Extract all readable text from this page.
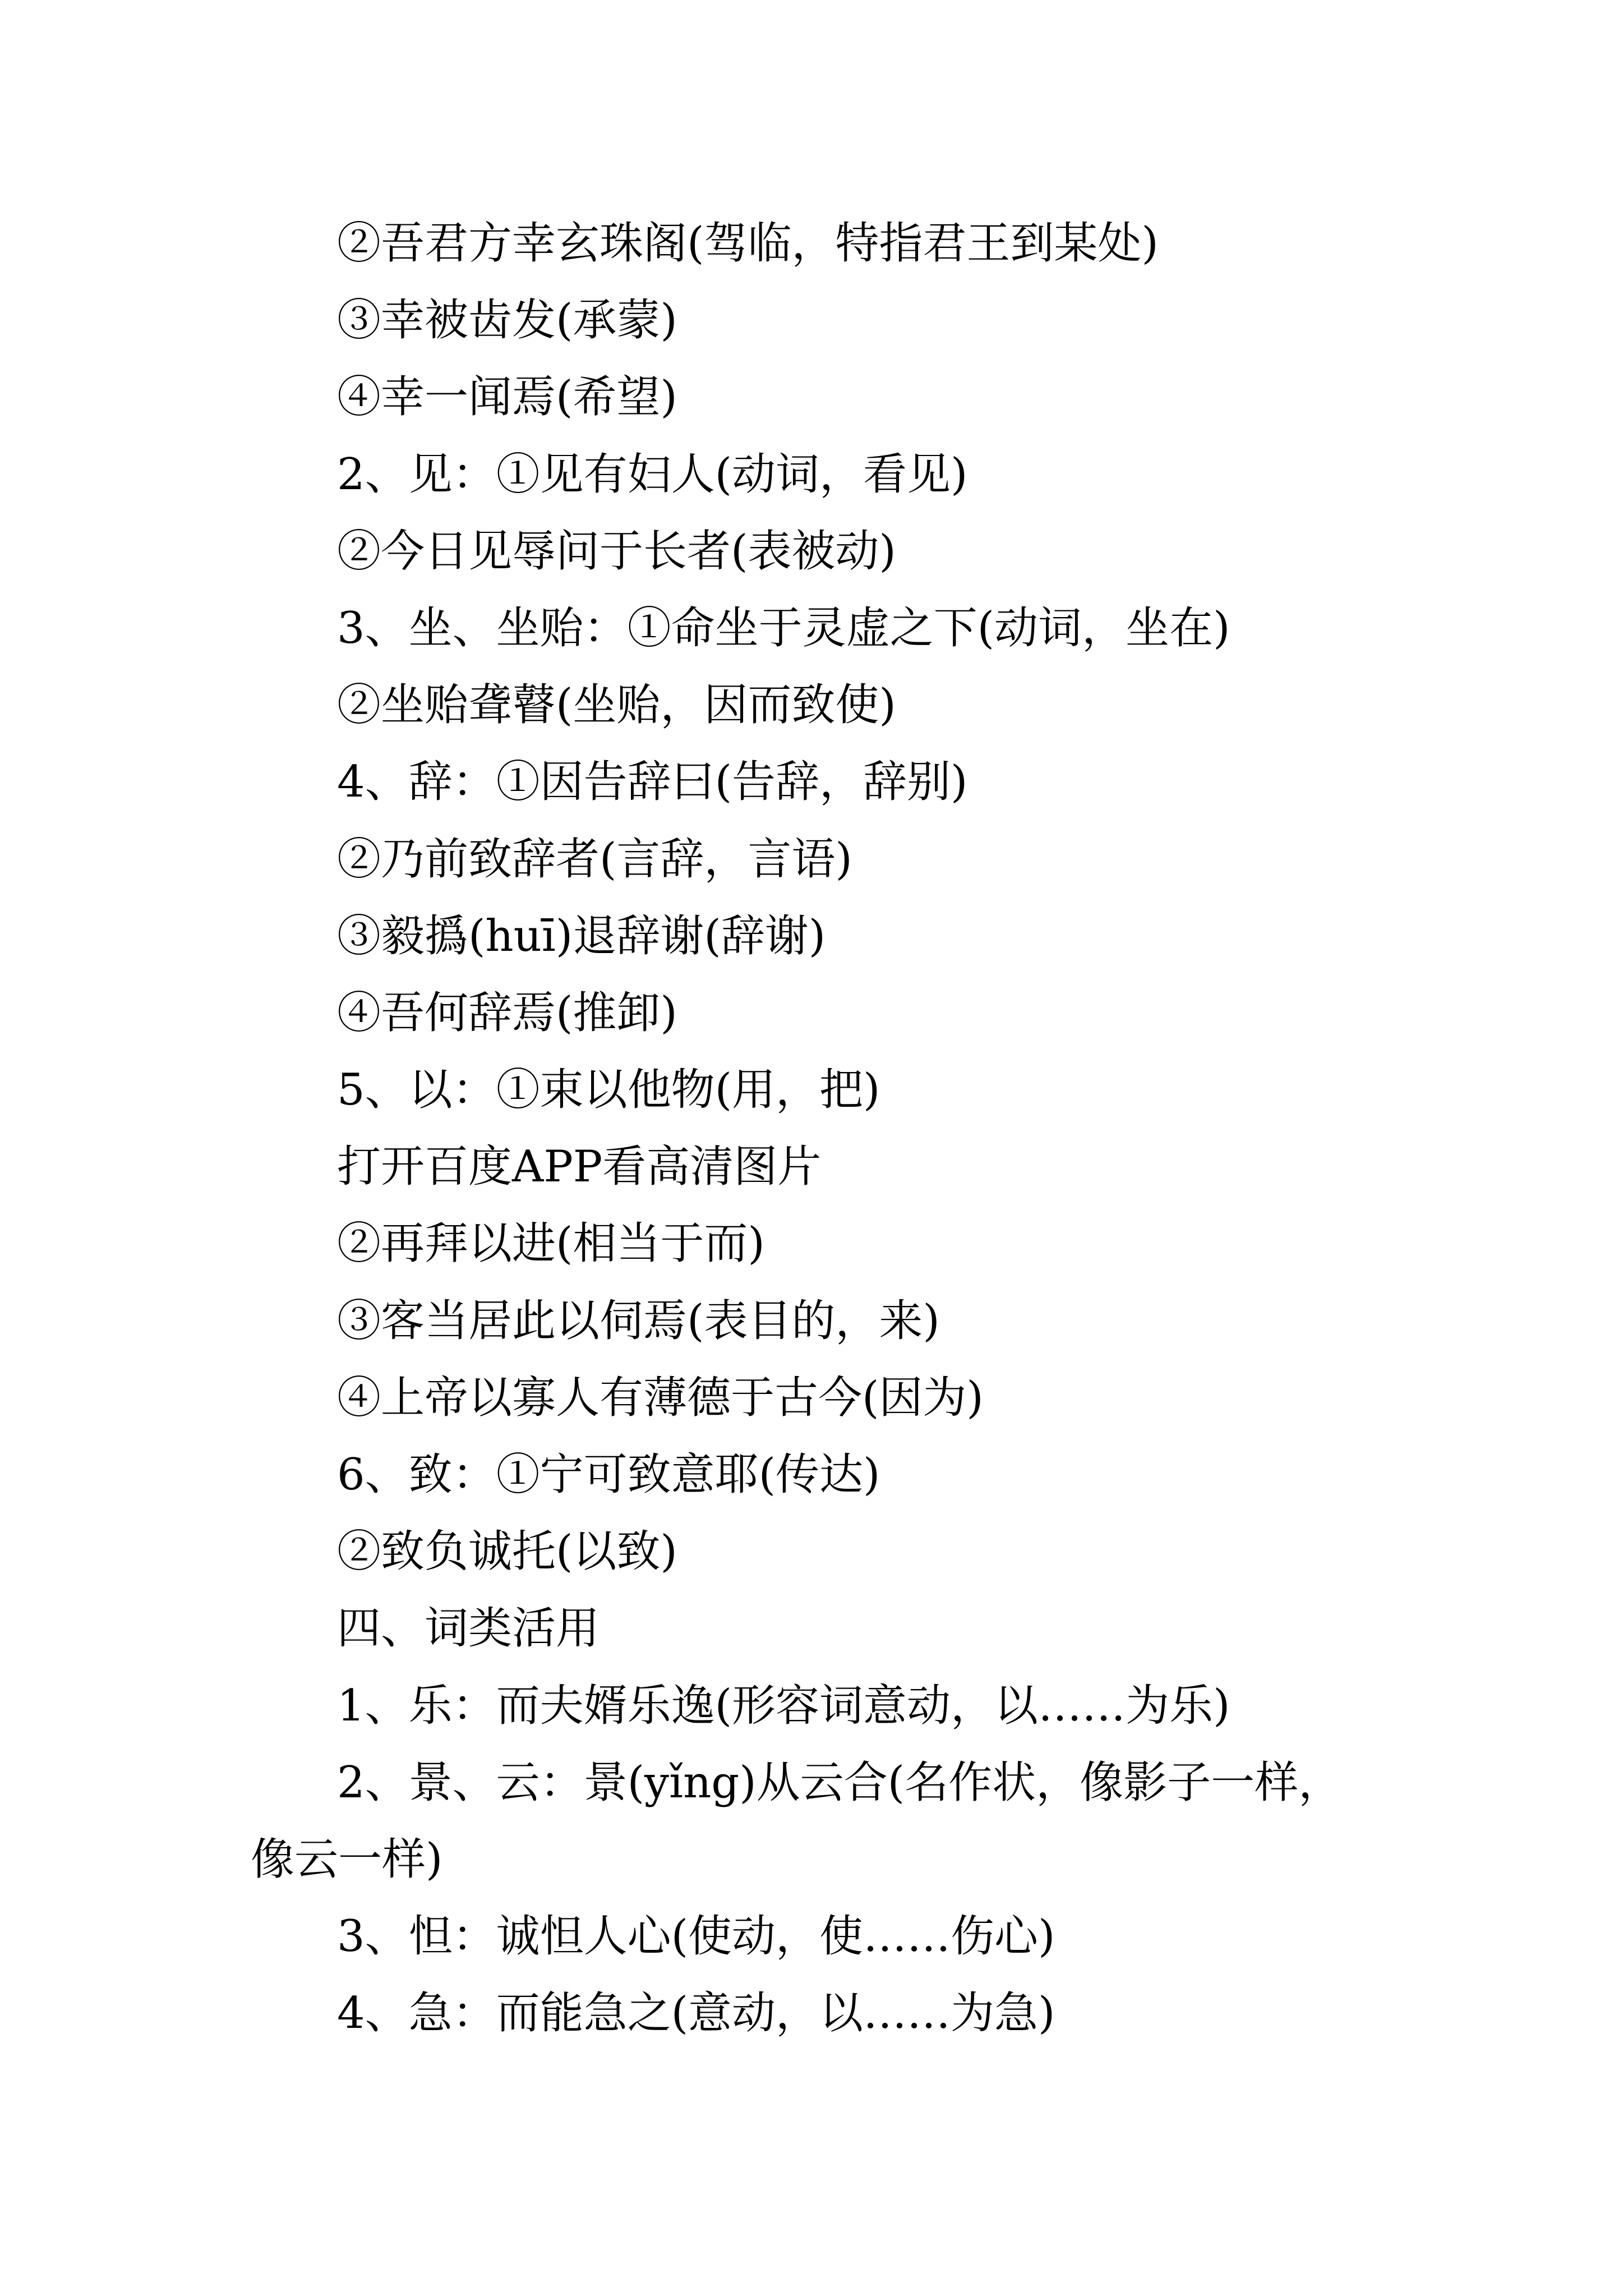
②吾君方幸玄珠阁(驾临，特指君王到某处)

③幸被齿发(承蒙)

④幸一闻焉(希望)

2、见：①见有妇人(动词，看见)

②今日见辱问于长者(表被动)

3、坐、坐贻：①命坐于灵虚之下(动词，坐在)

②坐贻聋瞽(坐贻，因而致使)

4、辞：①因告辞曰(告辞，辞别)

②乃前致辞者(言辞，言语)

③毅撝(huī)退辞谢(辞谢)

④吾何辞焉(推卸)

5、以：①束以他物(用，把)

打开百度APP看高清图片

②再拜以进(相当于而)

③客当居此以伺焉(表目的，来)

④上帝以寡人有薄德于古今(因为)

6、致：①宁可致意耶(传达)

②致负诚托(以致)

四、词类活用

1、乐：而夫婿乐逸(形容词意动，以……为乐)

2、景、云：景(yǐng)从云合(名作状，像影子一样，

像云一样)

3、怛：诚怛人心(使动，使……伤心)

4、急：而能急之(意动，以……为急)
